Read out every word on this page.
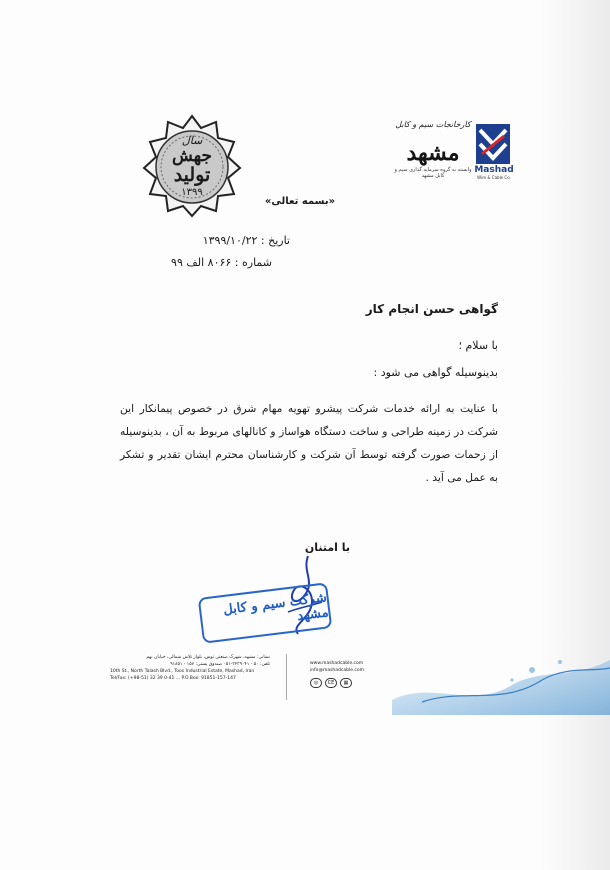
سال
جهش
تولید
۱۳۹۹
کارخانجات سیم و کابل
مشهد
وابسته به گروه سرمایه گذاری سیم و کابل مشهد
Mashad
Wire & Cable Co.
«بسمه تعالی»
تاریخ : ۱۳۹۹/۱۰/۲۲
شماره : ۸۰۶۶ الف ۹۹
گواهی حسن انجام کار
با سلام ؛
بدینوسیله گواهی می شود :
با عنایت به ارائه خدمات شرکت پیشرو تهویه مهام شرق در خصوص پیمانکار این شرکت در زمینه طراحی و ساخت دستگاه هواساز و کانالهای مربوط به آن ، بدینوسیله از زحمات صورت گرفته توسط آن شرکت و کارشناسان محترم ایشان تقدیر و تشکر به عمل می آید .
با امتنان
شرکت سیم و کابل مشهد
نشانی: مشهد، شهرک صنعتی توس، بلوار تلاش شمالی، خیابان نهم
تلفن: ۵۰ - ۳۲۳۹۰۴۱-۰۵۱ صندوق پستی: ۱۵۷ - ۹۱۸۵۱
10th St., North Talash Blvd., Toos Industrial Estate, Mashad, Iran
Tel/Fax: (+98-51) 32 39 0-41 ... P.O.Box: 91851-157-147
www.mashadcable.com
info@mashadcable.com
◎	CE	▦
